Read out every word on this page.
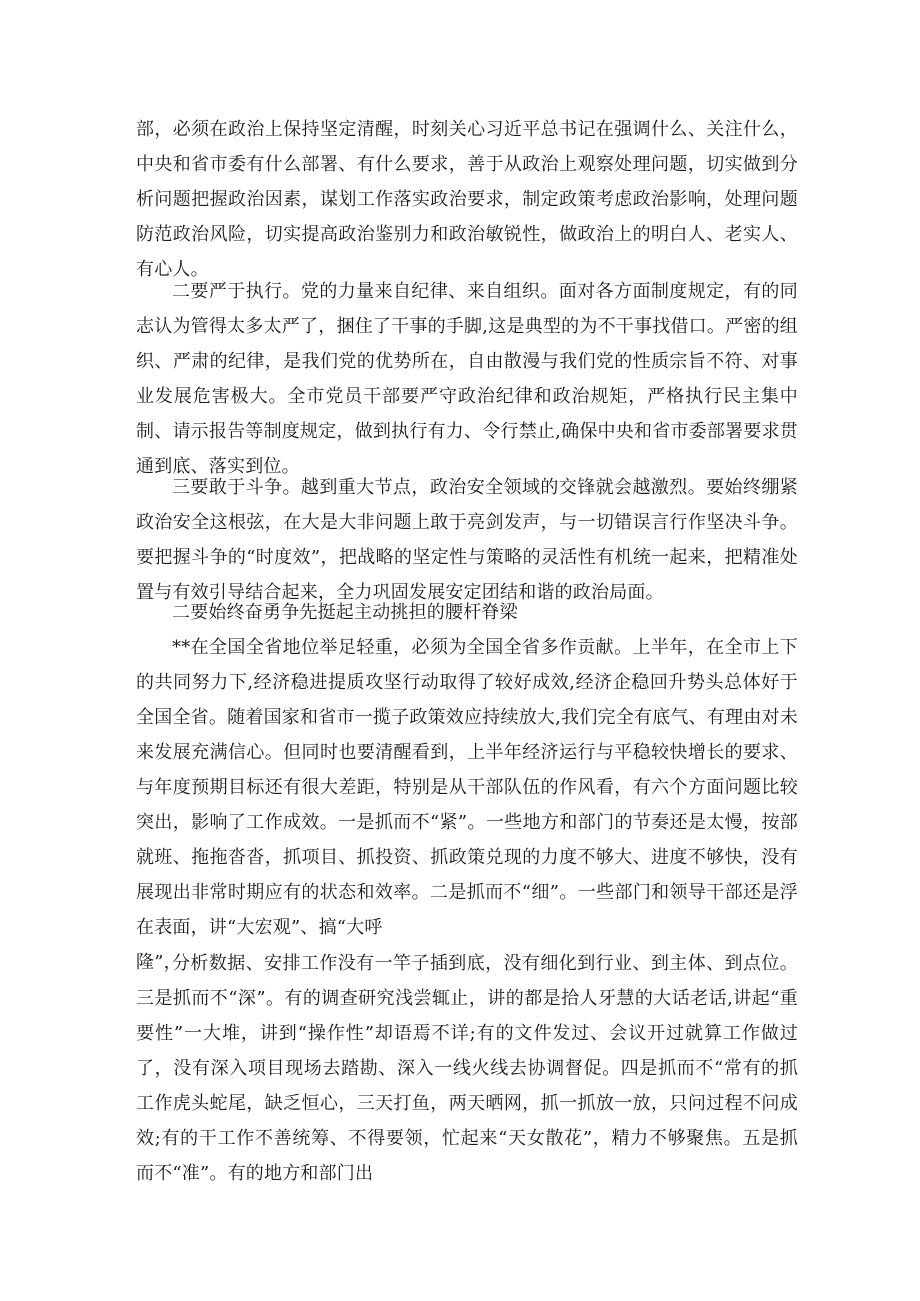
部，必须在政治上保持坚定清醒，时刻关心习近平总书记在强调什么、关注什么，中央和省市委有什么部署、有什么要求，善于从政治上观察处理问题，切实做到分析问题把握政治因素，谋划工作落实政治要求，制定政策考虑政治影响，处理问题防范政治风险，切实提高政治鉴别力和政治敏锐性，做政治上的明白人、老实人、有心人。

二要严于执行。党的力量来自纪律、来自组织。面对各方面制度规定，有的同志认为管得太多太严了，捆住了干事的手脚,这是典型的为不干事找借口。严密的组织、严肃的纪律，是我们党的优势所在，自由散漫与我们党的性质宗旨不符、对事业发展危害极大。全市党员干部要严守政治纪律和政治规矩，严格执行民主集中制、请示报告等制度规定，做到执行有力、令行禁止,确保中央和省市委部署要求贯通到底、落实到位。

三要敢于斗争。越到重大节点，政治安全领域的交锋就会越激烈。要始终绷紧政治安全这根弦，在大是大非问题上敢于亮剑发声，与一切错误言行作坚决斗争。要把握斗争的“时度效”，把战略的坚定性与策略的灵活性有机统一起来，把精准处置与有效引导结合起来，全力巩固发展安定团结和谐的政治局面。

二要始终奋勇争先挺起主动挑担的腰杆脊梁

**在全国全省地位举足轻重，必须为全国全省多作贡献。上半年，在全市上下的共同努力下,经济稳进提质攻坚行动取得了较好成效,经济企稳回升势头总体好于全国全省。随着国家和省市一揽子政策效应持续放大,我们完全有底气、有理由对未来发展充满信心。但同时也要清醒看到，上半年经济运行与平稳较快增长的要求、与年度预期目标还有很大差距，特别是从干部队伍的作风看，有六个方面问题比较突出，影响了工作成效。一是抓而不“紧”。一些地方和部门的节奏还是太慢，按部就班、拖拖沓沓，抓项目、抓投资、抓政策兑现的力度不够大、进度不够快，没有展现出非常时期应有的状态和效率。二是抓而不“细”。一些部门和领导干部还是浮在表面，讲“大宏观”、搞“大呼
隆”，

分析数据、安排工作没有一竿子插到底，没有细化到行业、到主体、到点位。三是抓而不“深”。有的调查研究浅尝辄止，讲的都是拾人牙慧的大话老话,讲起“重要性”一大堆，讲到“操作性”却语焉不详;有的文件发过、会议开过就算工作做过了，没有深入项目现场去踏勘、深入一线火线去协调督促。四是抓而不“常有的抓工作虎头蛇尾，缺乏恒心，三天打鱼，两天晒网，抓一抓放一放，只问过程不问成效;有的干工作不善统筹、不得要领，忙起来“天女散花”，精力不够聚焦。五是抓而不“准”。有的地方和部门出
